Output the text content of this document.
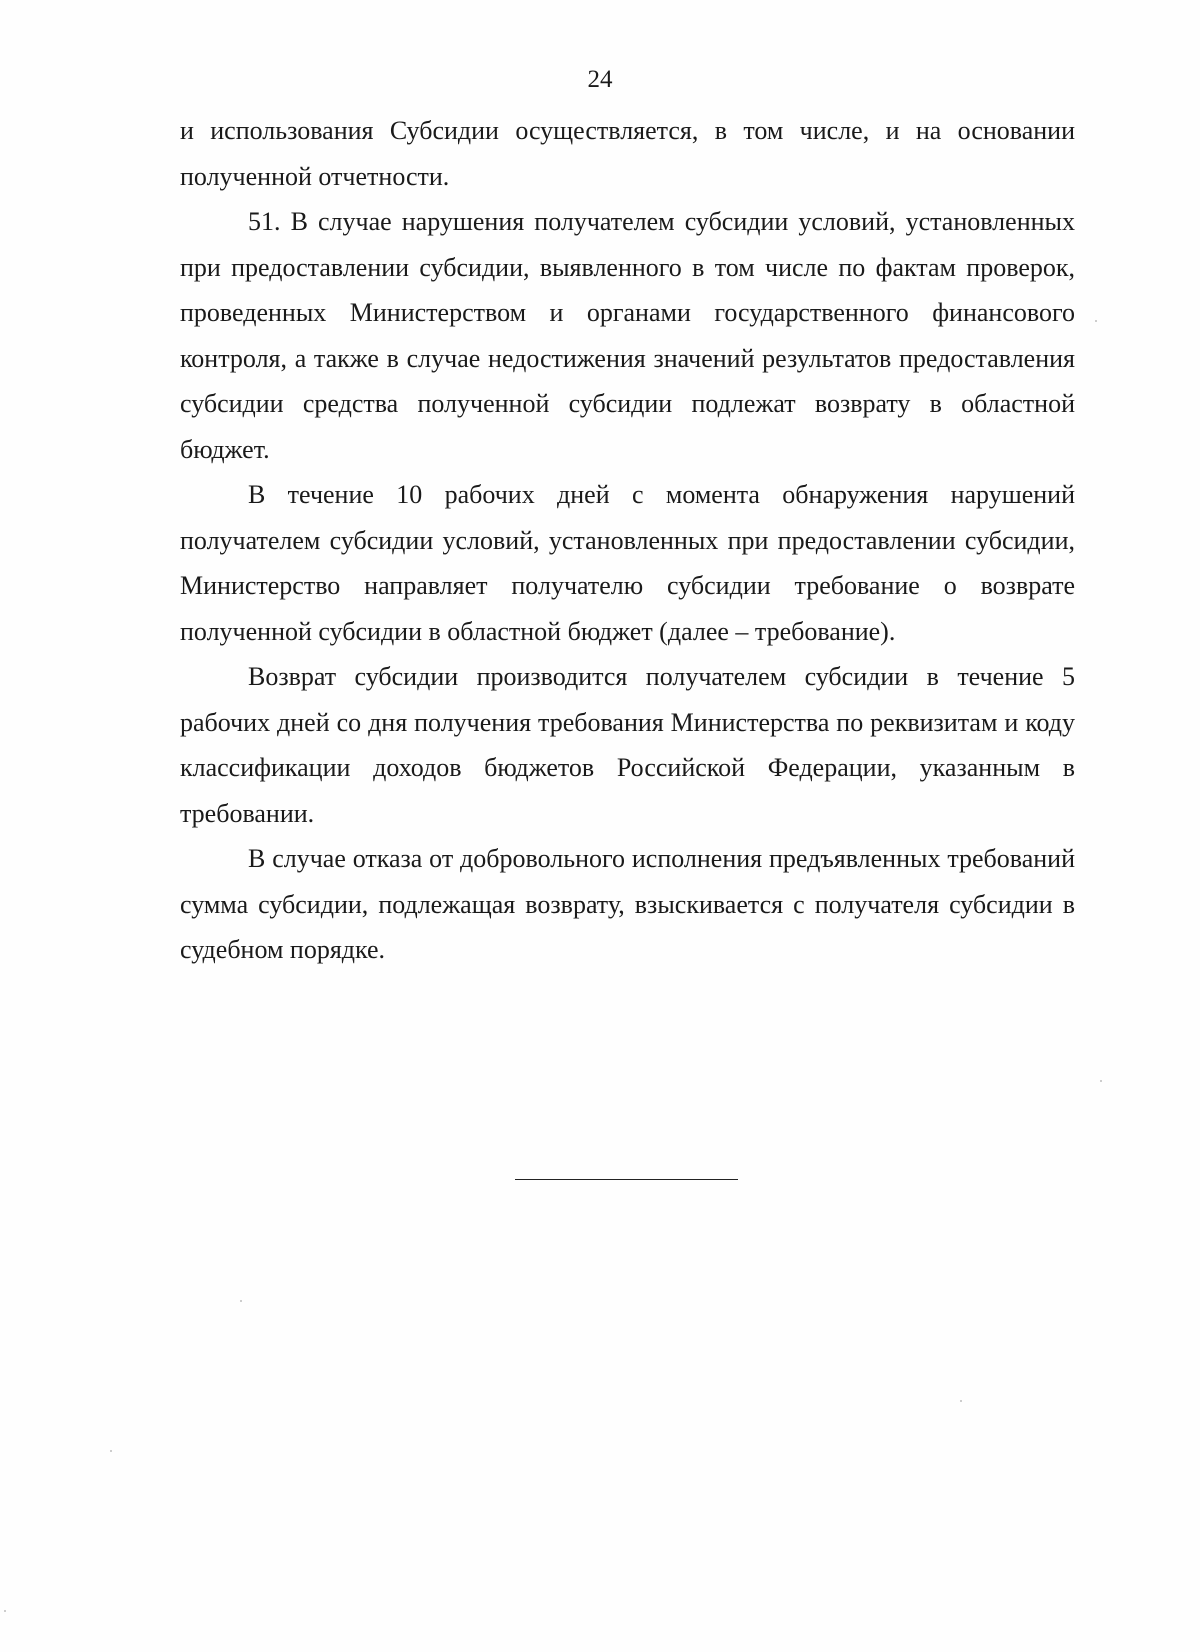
24

и использования Субсидии осуществляется, в том числе, и на основании полученной отчетности.

51. В случае нарушения получателем субсидии условий, установленных при предоставлении субсидии, выявленного в том числе по фактам проверок, проведенных Министерством и органами государственного финансового контроля, а также в случае недостижения значений результатов предоставления субсидии средства полученной субсидии подлежат возврату в областной бюджет.

В течение 10 рабочих дней с момента обнаружения нарушений получателем субсидии условий, установленных при предоставлении субсидии, Министерство направляет получателю субсидии требование о возврате полученной субсидии в областной бюджет (далее – требование).

Возврат субсидии производится получателем субсидии в течение 5 рабочих дней со дня получения требования Министерства по реквизитам и коду классификации доходов бюджетов Российской Федерации, указанным в требовании.

В случае отказа от добровольного исполнения предъявленных требований сумма субсидии, подлежащая возврату, взыскивается с получателя субсидии в судебном порядке.
